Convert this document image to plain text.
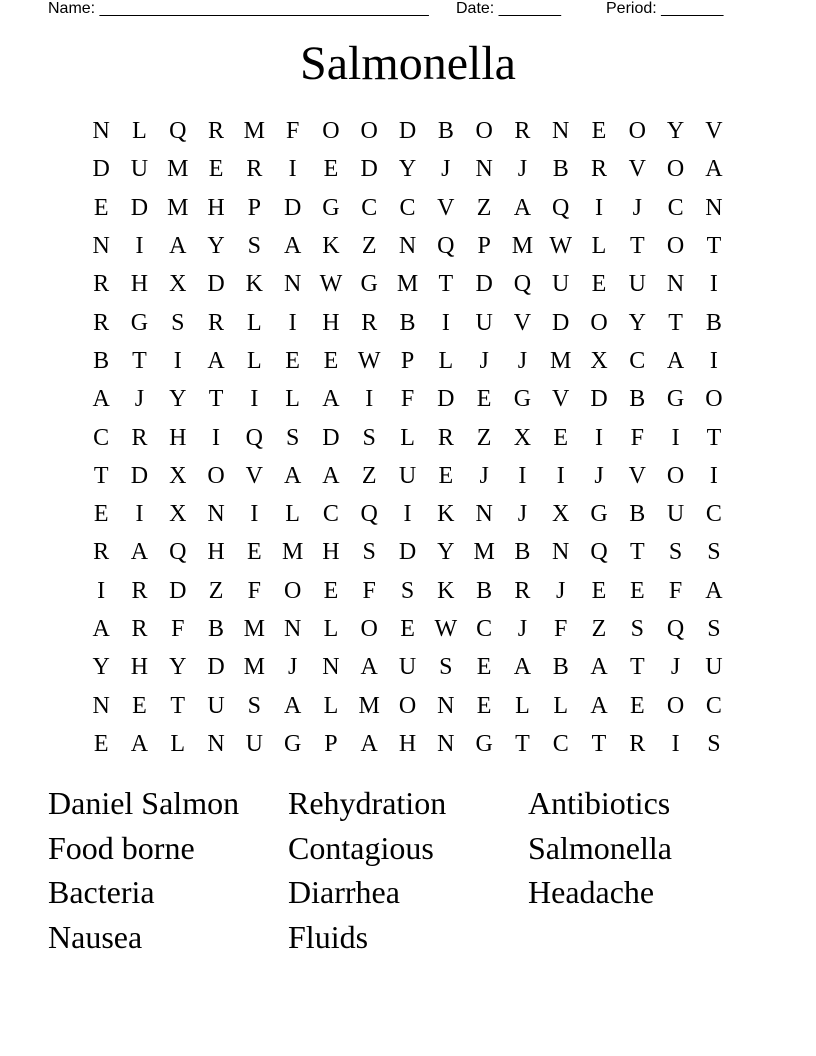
Name: _____________________________________ Date: _______	Period: _______
Salmonella
N L Q R M F O O D B O R N E O Y V
D U M E R	I	E D Y	J	N	J	B R V O A
E D M H P D G C C V Z A Q	I	J	C N
N	I	A Y S A K Z N Q P M W L T O T
R H X D K N W G M T D Q U E U N	I
R G S R L	I	H R B	I	U V D O Y T B
B T	I	A L E E W P	L	J	J M X C A	I
A	J	Y T	I	L A	I	F D E G V D B G O
C R H	I	Q S D S	L R Z X E	I	F	I	T
T D X O V A A Z U E	J	I	I	J	V O	I
E	I	X N	I	L C Q	I	K N	J	X G B U C
R A Q H E M H S D Y M B N Q T	S	S
I	R D Z	F O E	F	S K B R	J	E E	F A
A R F B M N L O E W C	J	F	Z	S Q S
Y H Y D M J	N A U S	E A B A T	J	U
N E T U S A L M O N E L L A E O C
E A L N U G P A H N G T C T R	I	S
Daniel Salmon	Rehydration	Antibiotics
Food borne	Contagious	Salmonella
Bacteria	Diarrhea	Headache
Nausea	Fluids
